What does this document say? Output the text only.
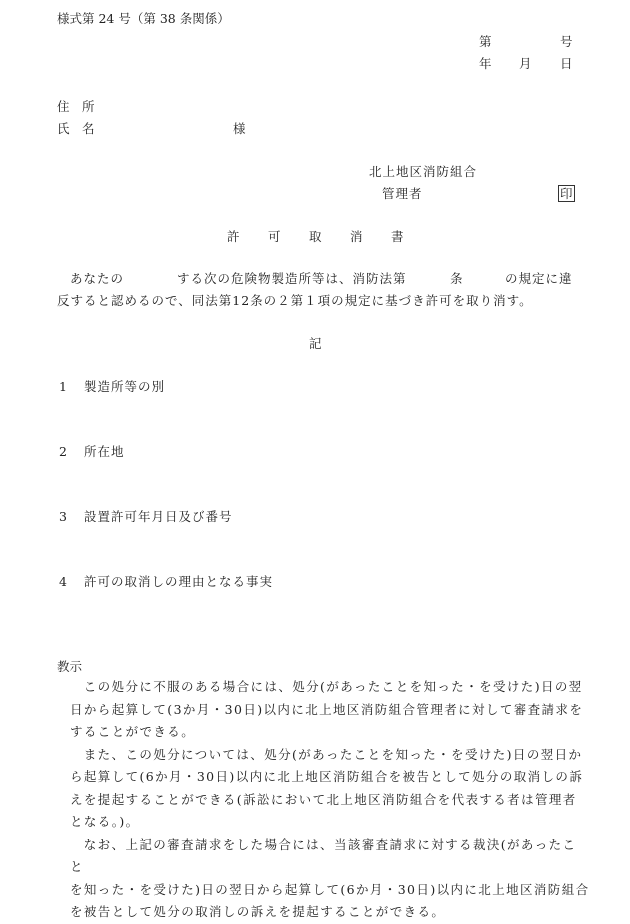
様式第 24 号（第 38 条関係）
第	号
年 月 日
住　所
氏　名	様
北上地区消防組合
管理者	印
許 可 取 消 書
あなたの	する次の危険物製造所等は、消防法第	条	の規定に違
反すると認めるので、同法第12条の２第１項の規定に基づき許可を取り消す。
記
1 製造所等の別
2 所在地
3 設置許可年月日及び番号
4 許可の取消しの理由となる事実
教示

この処分に不服のある場合には、処分(があったことを知った・を受けた)日の翌

日から起算して(3か月・30日)以内に北上地区消防組合管理者に対して審査請求を

することができる。

また、この処分については、処分(があったことを知った・を受けた)日の翌日か

ら起算して(6か月・30日)以内に北上地区消防組合を被告として処分の取消しの訴

えを提起することができる(訴訟において北上地区消防組合を代表する者は管理者

となる。)。

なお、上記の審査請求をした場合には、当該審査請求に対する裁決(があったこと

を知った・を受けた)日の翌日から起算して(6か月・30日)以内に北上地区消防組合

を被告として処分の取消しの訴えを提起することができる。
